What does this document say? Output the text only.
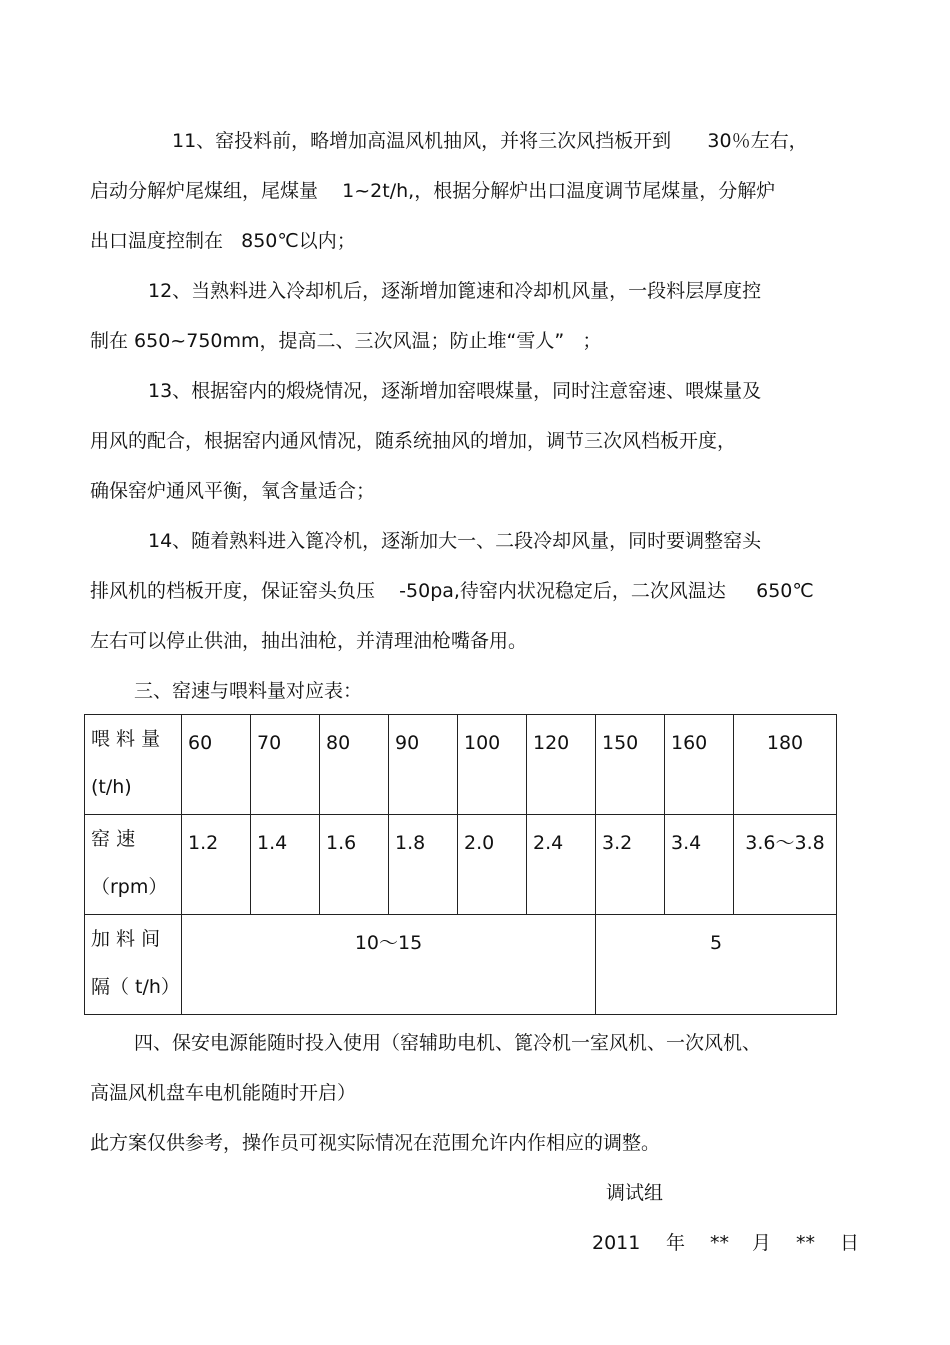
11、窑投料前，略增加高温风机抽风，并将三次风挡板开到      30％左右，
启动分解炉尾煤组，尾煤量    1~2t/h,，根据分解炉出口温度调节尾煤量，分解炉
出口温度控制在   850℃以内；
12、当熟料进入冷却机后，逐渐增加篦速和冷却机风量，一段料层厚度控
制在 650~750mm，提高二、三次风温；防止堆“雪人”   ；
13、根据窑内的煅烧情况，逐渐增加窑喂煤量，同时注意窑速、喂煤量及
用风的配合，根据窑内通风情况，随系统抽风的增加，调节三次风档板开度，
确保窑炉通风平衡，氧含量适合；
14、随着熟料进入篦冷机，逐渐加大一、二段冷却风量，同时要调整窑头
排风机的档板开度，保证窑头负压    -50pa,待窑内状况稳定后，二次风温达     650℃
左右可以停止供油，抽出油枪，并清理油枪嘴备用。
三、窑速与喂料量对应表：
喂 料 量
(t/h)	60	70	80	90	100	120	150	160	180

窑 速
（rpm）	1.2	1.4	1.6	1.8	2.0	2.4	3.2	3.4	3.6～3.8

加 料 间
隔（ t/h）	10～15						5		
四、保安电源能随时投入使用（窑辅助电机、篦冷机一室风机、一次风机、
高温风机盘车电机能随时开启）
此方案仅供参考，操作员可视实际情况在范围允许内作相应的调整。
调试组
2011 年 ** 月 ** 日
